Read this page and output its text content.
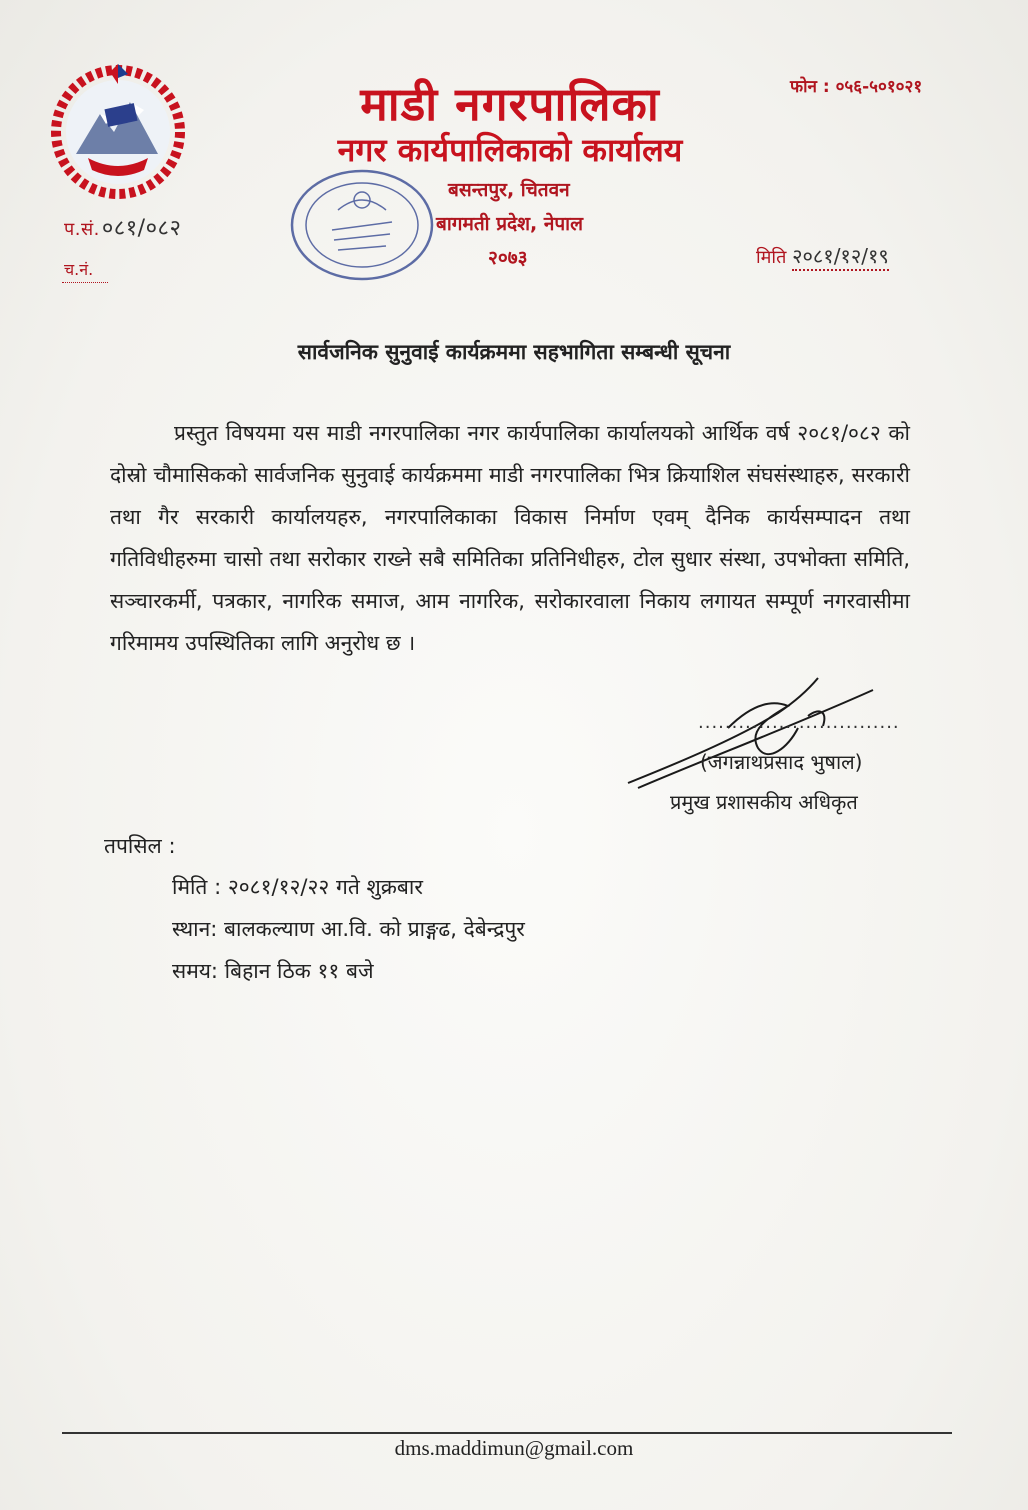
प.सं.०८१/०८२
च.नं.
माडी नगरपालिका
नगर कार्यपालिकाको कार्यालय
बसन्तपुर, चितवन
बागमती प्रदेश, नेपाल
२०७३
फोन : ०५६-५०१०२१
मिति २०८१/१२/१९
सार्वजनिक सुनुवाई कार्यक्रममा सहभागिता सम्बन्धी सूचना
प्रस्तुत विषयमा यस माडी नगरपालिका नगर कार्यपालिका कार्यालयको आर्थिक वर्ष २०८१/०८२ को दोस्रो चौमासिकको सार्वजनिक सुनुवाई कार्यक्रममा माडी नगरपालिका भित्र क्रियाशिल संघसंस्थाहरु, सरकारी तथा गैर सरकारी कार्यालयहरु, नगरपालिकाका विकास निर्माण एवम् दैनिक कार्यसम्पादन तथा गतिविधीहरुमा चासो तथा सरोकार राख्ने सबै समितिका प्रतिनिधीहरु, टोल सुधार संस्था, उपभोक्ता समिति, सञ्चारकर्मी, पत्रकार, नागरिक समाज, आम नागरिक, सरोकारवाला निकाय लगायत सम्पूर्ण नगरवासीमा गरिमामय उपस्थितिका लागि अनुरोध छ ।
..............................
(जगन्नाथप्रसाद भुषाल)
प्रमुख प्रशासकीय अधिकृत
तपसिल :
मिति : २०८१/१२/२२ गते शुक्रबार
स्थान: बालकल्याण आ.वि. को प्राङ्गढ, देबेन्द्रपुर
समय: बिहान ठिक ११ बजे
dms.maddimun@gmail.com
